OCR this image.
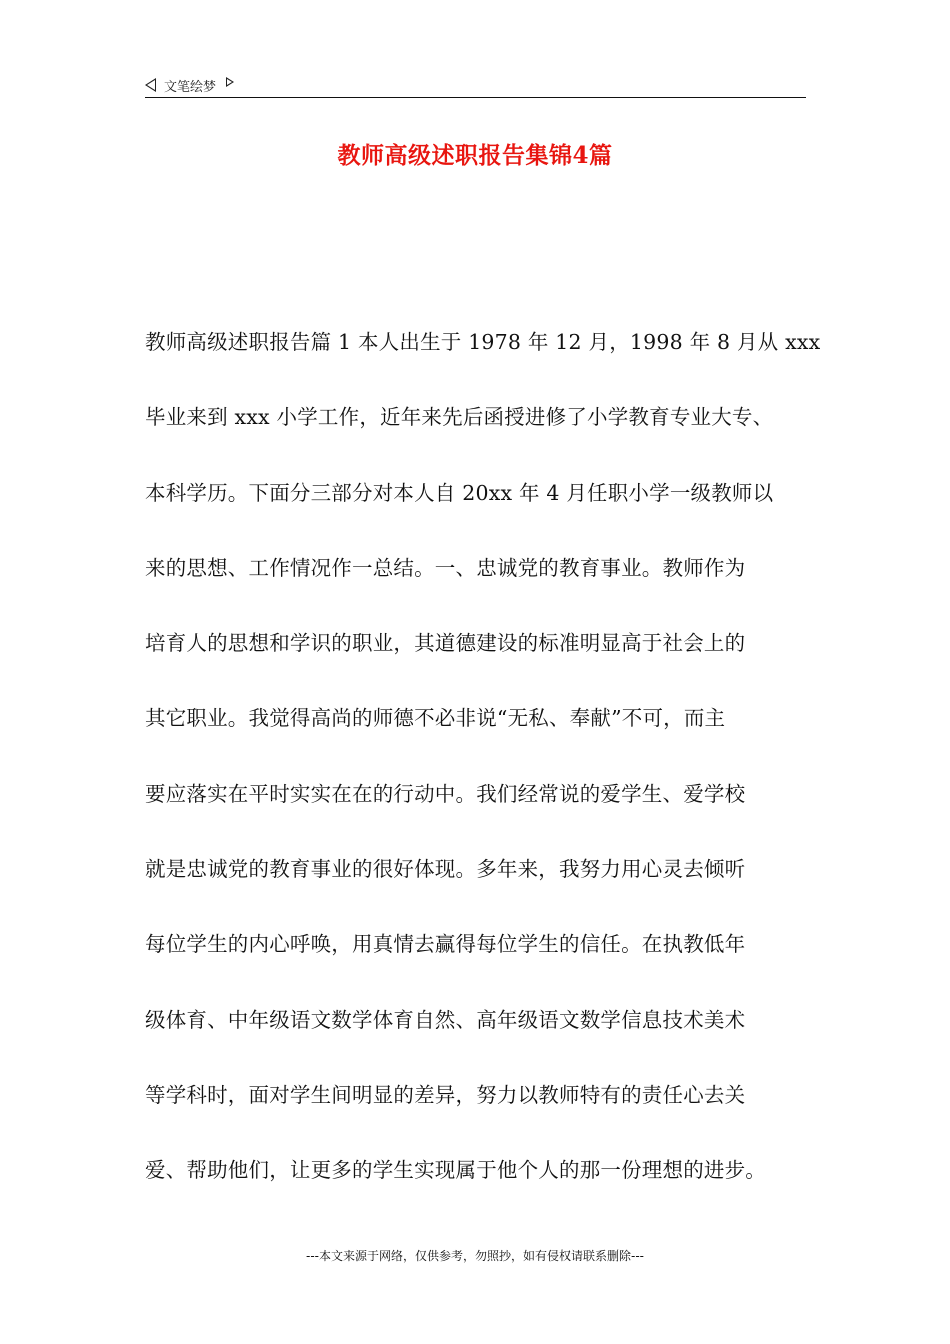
文笔绘梦
教师高级述职报告集锦4篇
教师高级述职报告篇 1 本人出生于 1978 年 12 月，1998 年 8 月从 xxx
毕业来到 xxx 小学工作，近年来先后函授进修了小学教育专业大专、
本科学历。下面分三部分对本人自 20xx 年 4 月任职小学一级教师以
来的思想、工作情况作一总结。一、忠诚党的教育事业。教师作为
培育人的思想和学识的职业，其道德建设的标准明显高于社会上的
其它职业。我觉得高尚的师德不必非说“无私、奉献”不可，而主
要应落实在平时实实在在的行动中。我们经常说的爱学生、爱学校
就是忠诚党的教育事业的很好体现。多年来，我努力用心灵去倾听
每位学生的内心呼唤，用真情去赢得每位学生的信任。在执教低年
级体育、中年级语文数学体育自然、高年级语文数学信息技术美术
等学科时，面对学生间明显的差异，努力以教师特有的责任心去关
爱、帮助他们，让更多的学生实现属于他个人的那一份理想的进步。
---本文来源于网络，仅供参考，勿照抄，如有侵权请联系删除---
